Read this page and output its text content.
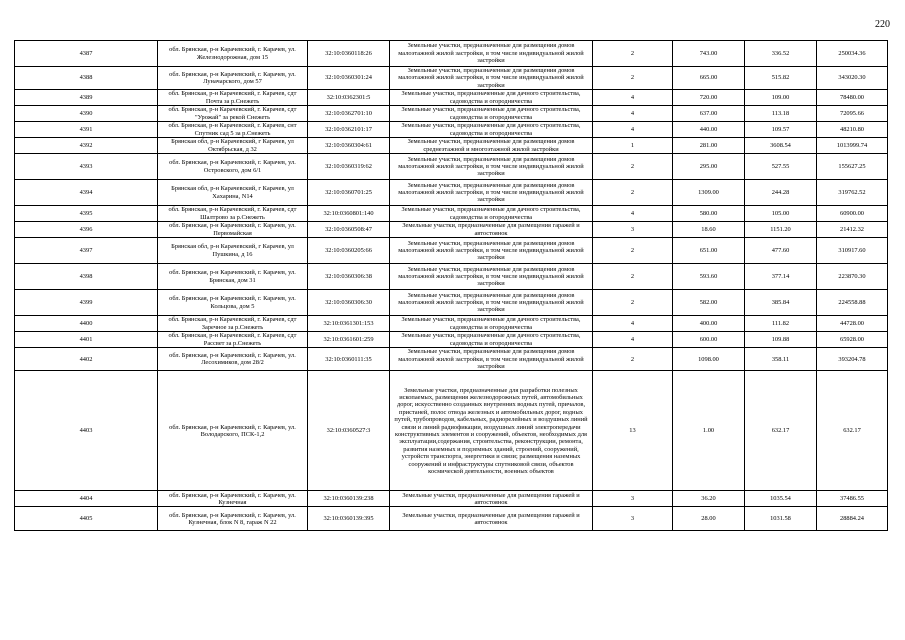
220
4387	обл. Брянская, р-н Карачевский, г. Карачев, ул. Железнодорожная, дом 15	32:10:0360118:26	Земельные участки, предназначенные для размещения домов малоэтажной жилой застройки, в том числе индивидуальной жилой застройки	2	743.00	336.52	250034.36
4388	обл. Брянская, р-н Карачевский, г. Карачев, ул. Луначарского, дом 57	32:10:0360301:24	Земельные участки, предназначенные для размещения домов малоэтажной жилой застройки, в том числе индивидуальной жилой застройки	2	665.00	515.82	343020.30
4389	обл. Брянская, р-н Карачевский, г. Карачев, сдт Почта за р.Снежеть	32:10:0362301:5	Земельные участки, предназначенные для дачного строительства, садоводства и огородничества	4	720.00	109.00	78480.00
4390	обл. Брянская, р-н Карачевский, г. Карачев, сдт "Урожай" за рекой Снежеть	32:10:0362701:10	Земельные участки, предназначенные для дачного строительства, садоводства и огородничества	4	637.00	113.18	72095.66
4391	обл. Брянская, р-н Карачевский, г. Карачев, снт Спутник сад 5 за р.Снежеть	32:10:0362101:17	Земельные участки, предназначенные для дачного строительства, садоводства и огородничества	4	440.00	109.57	48210.80
4392	Брянская обл, р-н Карачевский, г Карачев, ул Октябрьская, д 32	32:10:0360304:61	Земельные участки, предназначенные для размещения домов среднеэтажной и многоэтажной жилой застройки	1	281.00	3608.54	1013999.74
4393	обл. Брянская, р-н Карачевский, г. Карачев, ул. Островского, дом 6/1	32:10:0360319:62	Земельные участки, предназначенные для размещения домов малоэтажной жилой застройки, в том числе индивидуальной жилой застройки	2	295.00	527.55	155627.25
4394	Брянская обл, р-н Карачевский, г Карачев, ул Хахарина, N14	32:10:0360701:25	Земельные участки, предназначенные для размещения домов малоэтажной жилой застройки, в том числе индивидуальной жилой застройки	2	1309.00	244.28	319762.52
4395	обл. Брянская, р-н Карачевский, г. Карачев, сдт Шалтрово за р.Снежеть	32:10:0360801:140	Земельные участки, предназначенные для дачного строительства, садоводства и огородничества	4	580.00	105.00	60900.00
4396	обл. Брянская, р-н Карачевский, г. Карачев, ул. Первомайская	32:10:0360508:47	Земельные участки, предназначенные для размещения гаражей и автостоянок	3	18.60	1151.20	21412.32
4397	Брянская обл, р-н Карачевский, г Карачев, ул Пушкина, д 16	32:10:0360205:66	Земельные участки, предназначенные для размещения домов малоэтажной жилой застройки, в том числе индивидуальной жилой застройки	2	651.00	477.60	310917.60
4398	обл. Брянская, р-н Карачевский, г. Карачев, ул. Брянская, дом 31	32:10:0360306:38	Земельные участки, предназначенные для размещения домов малоэтажной жилой застройки, в том числе индивидуальной жилой застройки	2	593.60	377.14	223870.30
4399	обл. Брянская, р-н Карачевский, г. Карачев, ул. Кольцова, дом 5	32:10:0360306:30	Земельные участки, предназначенные для размещения домов малоэтажной жилой застройки, в том числе индивидуальной жилой застройки	2	582.00	385.84	224558.88
4400	обл. Брянская, р-н Карачевский, г. Карачев, сдт Заречное за р.Снежеть	32:10:0361301:153	Земельные участки, предназначенные для дачного строительства, садоводства и огородничества	4	400.00	111.82	44728.00
4401	обл. Брянская, р-н Карачевский, г. Карачев, сдт Рассвет за р.Снежеть	32:10:0361601:259	Земельные участки, предназначенные для дачного строительства, садоводства и огородничества	4	600.00	109.88	65928.00
4402	обл. Брянская, р-н Карачевский, г. Карачев, ул. Лесохимиков, дом 28/2	32:10:0360111:35	Земельные участки, предназначенные для размещения домов малоэтажной жилой застройки, в том числе индивидуальной жилой застройки	2	1098.00	358.11	393204.78
4403	обл. Брянская, р-н Карачевский, г. Карачев, ул. Володарского, ПСК-1,2	32:10:0360527:3	Земельные участки, предназначенные для разработки полезных ископаемых, размещения железнодорожных путей, автомобильных дорог, искусственно созданных внутренних водных путей, причалов, пристаней, полос отвода железных и автомобильных дорог, водных путей, трубопроводов, кабельных, радиорелейных и воздушных линий связи и линий радиофикации, воздушных линий электропередачи конструктивных элементов и сооружений, объектов, необходимых для эксплуатации,содержания, строительства, реконструкции, ремонта, развития наземных и подземных зданий, строений, сооружений, устройств транспорта, энергетики и связи; размещения наземных сооружений и инфраструктуры спутниковой связи, объектов космической деятельности, военных объектов	13	1.00	632.17	632.17
4404	обл. Брянская, р-н Карачевский, г. Карачев, ул. Кузнечная	32:10:0360139:238	Земельные участки, предназначенные для размещения гаражей и автостоянок	3	36.20	1035.54	37486.55
4405	обл. Брянская, р-н Карачевский, г. Карачев, ул. Кузнечная, блок N 8, гараж N 22	32:10:0360139:395	Земельные участки, предназначенные для размещения гаражей и автостоянок	3	28.00	1031.58	28884.24
